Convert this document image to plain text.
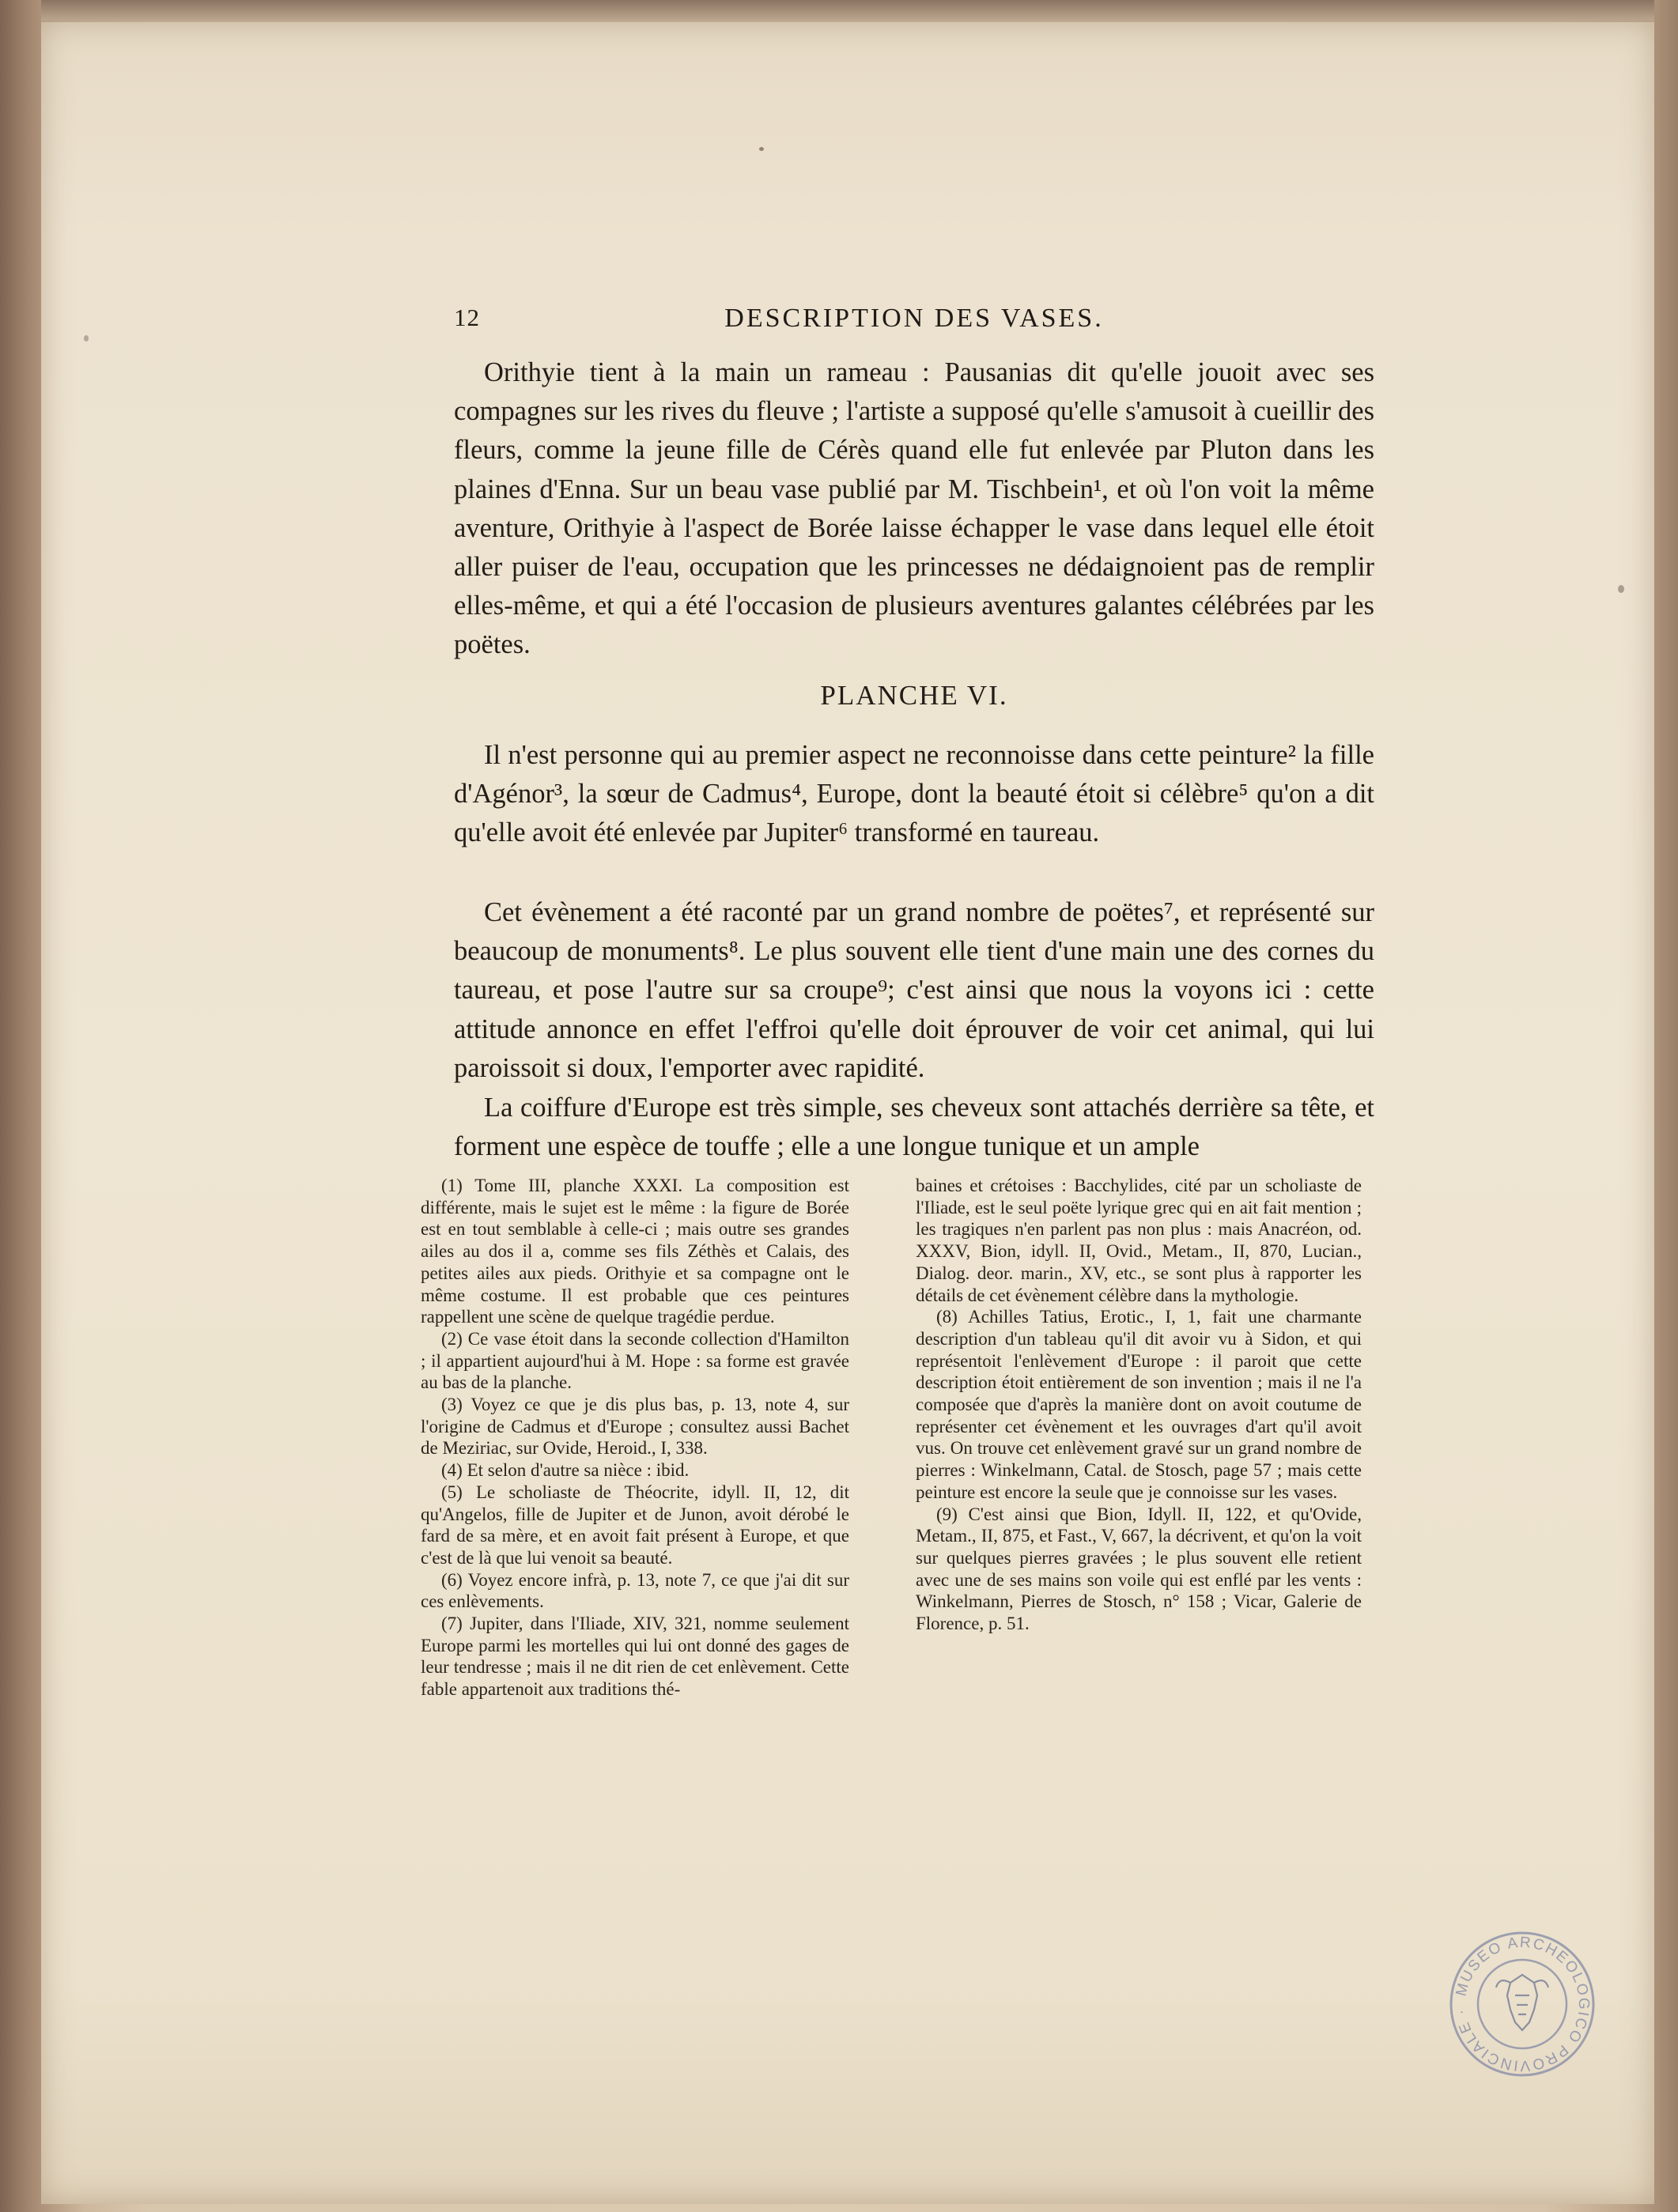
12	DESCRIPTION DES VASES.

Orithyie tient à la main un rameau : Pausanias dit qu'elle jouoit avec ses compagnes sur les rives du fleuve ; l'artiste a supposé qu'elle s'amusoit à cueillir des fleurs, comme la jeune fille de Cérès quand elle fut enlevée par Pluton dans les plaines d'Enna. Sur un beau vase publié par M. Tischbein¹, et où l'on voit la même aventure, Orithyie à l'aspect de Borée laisse échapper le vase dans lequel elle étoit aller puiser de l'eau, occupation que les princesses ne dédaignoient pas de remplir elles-même, et qui a été l'occasion de plusieurs aventures galantes célébrées par les poëtes.

PLANCHE VI.

Il n'est personne qui au premier aspect ne reconnoisse dans cette peinture² la fille d'Agénor³, la sœur de Cadmus⁴, Europe, dont la beauté étoit si célèbre⁵ qu'on a dit qu'elle avoit été enlevée par Jupiter⁶ transformé en taureau.

Cet évènement a été raconté par un grand nombre de poëtes⁷, et représenté sur beaucoup de monuments⁸. Le plus souvent elle tient d'une main une des cornes du taureau, et pose l'autre sur sa croupe⁹; c'est ainsi que nous la voyons ici : cette attitude annonce en effet l'effroi qu'elle doit éprouver de voir cet animal, qui lui paroissoit si doux, l'emporter avec rapidité.

La coiffure d'Europe est très simple, ses cheveux sont attachés derrière sa tête, et forment une espèce de touffe ; elle a une longue tunique et un ample

(1) Tome III, planche XXXI. La composition est différente, mais le sujet est le même : la figure de Borée est en tout semblable à celle-ci ; mais outre ses grandes ailes au dos il a, comme ses fils Zéthès et Calais, des petites ailes aux pieds. Orithyie et sa compagne ont le même costume. Il est probable que ces peintures rappellent une scène de quelque tragédie perdue.

(2) Ce vase étoit dans la seconde collection d'Hamilton ; il appartient aujourd'hui à M. Hope : sa forme est gravée au bas de la planche.

(3) Voyez ce que je dis plus bas, p. 13, note 4, sur l'origine de Cadmus et d'Europe ; consultez aussi Bachet de Meziriac, sur Ovide, Heroid., I, 338.

(4) Et selon d'autre sa nièce : ibid.

(5) Le scholiaste de Théocrite, idyll. II, 12, dit qu'Angelos, fille de Jupiter et de Junon, avoit dérobé le fard de sa mère, et en avoit fait présent à Europe, et que c'est de là que lui venoit sa beauté.

(6) Voyez encore infrà, p. 13, note 7, ce que j'ai dit sur ces enlèvements.

(7) Jupiter, dans l'Iliade, XIV, 321, nomme seulement Europe parmi les mortelles qui lui ont donné des gages de leur tendresse ; mais il ne dit rien de cet enlèvement. Cette fable appartenoit aux traditions thé-

baines et crétoises : Bacchylides, cité par un scholiaste de l'Iliade, est le seul poëte lyrique grec qui en ait fait mention ; les tragiques n'en parlent pas non plus : mais Anacréon, od. XXXV, Bion, idyll. II, Ovid., Metam., II, 870, Lucian., Dialog. deor. marin., XV, etc., se sont plus à rapporter les détails de cet évènement célèbre dans la mythologie.

(8) Achilles Tatius, Erotic., I, 1, fait une charmante description d'un tableau qu'il dit avoir vu à Sidon, et qui représentoit l'enlèvement d'Europe : il paroit que cette description étoit entièrement de son invention ; mais il ne l'a composée que d'après la manière dont on avoit coutume de représenter cet évènement et les ouvrages d'art qu'il avoit vus. On trouve cet enlèvement gravé sur un grand nombre de pierres : Winkelmann, Catal. de Stosch, page 57 ; mais cette peinture est encore la seule que je connoisse sur les vases.

(9) C'est ainsi que Bion, Idyll. II, 122, et qu'Ovide, Metam., II, 875, et Fast., V, 667, la décrivent, et qu'on la voit sur quelques pierres gravées ; le plus souvent elle retient avec une de ses mains son voile qui est enflé par les vents : Winkelmann, Pierres de Stosch, n° 158 ; Vicar, Galerie de Florence, p. 51.

MUSEO ARCHEOLOGICO PROVINCIALE ·
